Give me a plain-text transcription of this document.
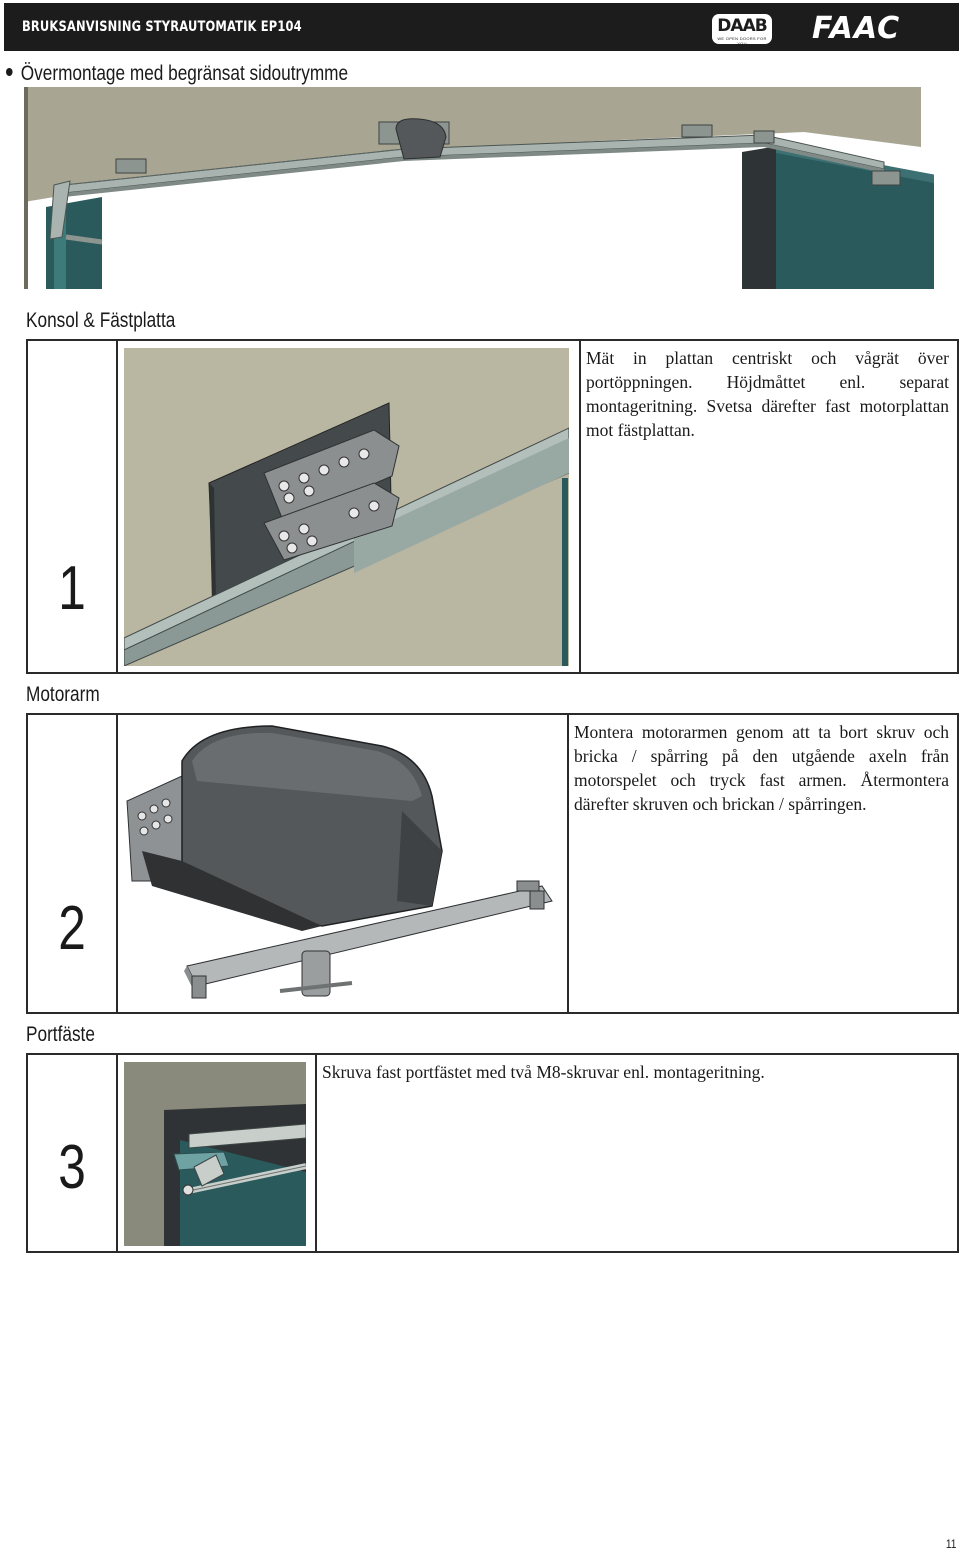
BRUKSANVISNING STYRAUTOMATIK EP104	DAAB
WE OPEN DOORS FOR YOU	FAAC
Övermontage med begränsat sidoutrymme
Konsol & Fästplatta
1
Mät in plattan centriskt och vågrät över portöppningen. Höjdmåttet enl. separat montageritning. Svetsa därefter fast motorplattan mot fästplattan.
Motorarm
2
Montera motorarmen genom att ta bort skruv och bricka / spårring på den utgående axeln från motorspelet och tryck fast armen. Återmontera därefter skruven och brickan / spårringen.
Portfäste
3
Skruva fast portfästet med två M8-skruvar enl. montageritning.
11
